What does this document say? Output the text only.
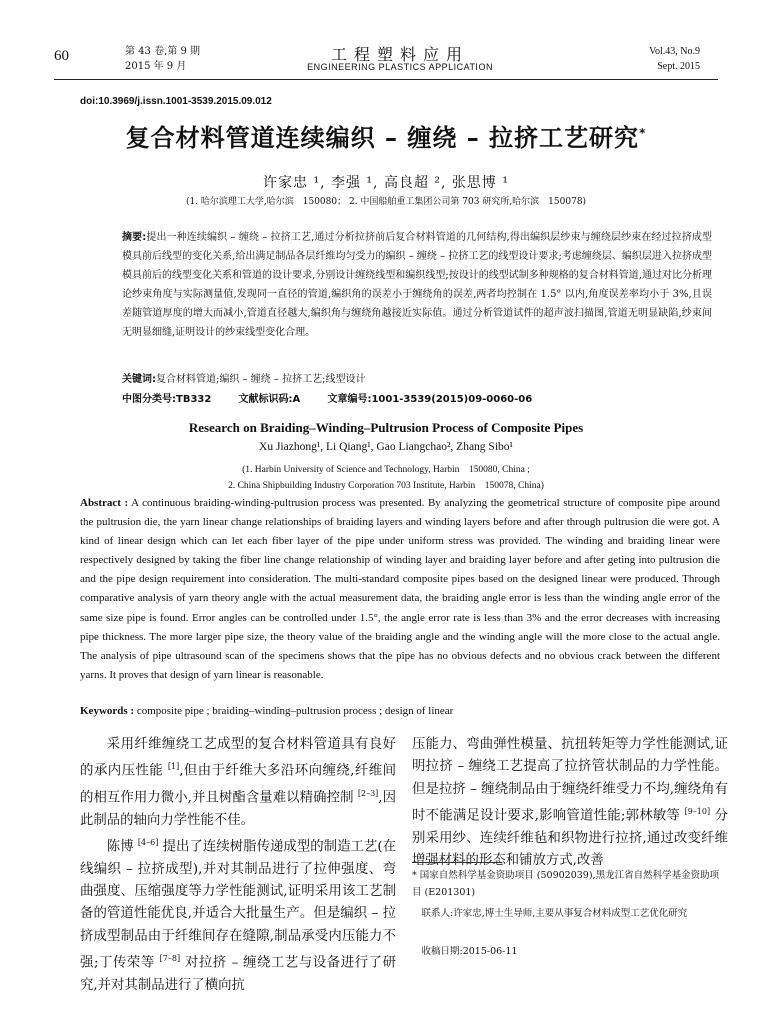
60	第 43 卷,第 9 期
2015 年 9 月
工程塑料应用
ENGINEERING PLASTICS APPLICATION
Vol.43, No.9
Sept. 2015
doi:10.3969/j.issn.1001-3539.2015.09.012
复合材料管道连续编织 – 缠绕 – 拉挤工艺研究*
许家忠 ¹, 李强 ¹, 高良超 ², 张思博 ¹
(1. 哈尔滨理工大学,哈尔滨　150080； 2. 中国船舶重工集团公司第 703 研究所,哈尔滨　150078)
摘要:提出一种连续编织 – 缠绕 – 拉挤工艺,通过分析拉挤前后复合材料管道的几何结构,得出编织层纱束与缠绕层纱束在经过拉挤成型模具前后线型的变化关系,给出满足制品各层纤维均匀受力的编织 – 缠绕 – 拉挤工艺的线型设计要求;考虑缠绕层、编织层进入拉挤成型模具前后的线型变化关系和管道的设计要求,分别设计缠绕线型和编织线型;按设计的线型试制多种规格的复合材料管道,通过对比分析理论纱束角度与实际测量值,发现同一直径的管道,编织角的误差小于缠绕角的误差,两者均控制在 1.5° 以内,角度误差率均小于 3%,且误差随管道厚度的增大而减小,管道直径越大,编织角与缠绕角越接近实际值。通过分析管道试件的超声波扫描图,管道无明显缺陷,纱束间无明显细缝,证明设计的纱束线型变化合理。
关键词:复合材料管道;编织 – 缠绕 – 拉挤工艺;线型设计
中图分类号:TB332	文献标识码:A	文章编号:1001-3539(2015)09-0060-06
Research on Braiding–Winding–Pultrusion Process of Composite Pipes
Xu Jiazhong¹, Li Qiang¹, Gao Liangchao², Zhang Sibo¹
(1. Harbin University of Science and Technology, Harbin　150080, China ;
2. China Shipbuilding Industry Corporation 703 Institute, Harbin　150078, China)
Abstract : A continuous braiding-winding-pultrusion process was presented. By analyzing the geometrical structure of composite pipe around the pultrusion die, the yarn linear change relationships of braiding layers and winding layers before and after through pultrusion die were got. A kind of linear design which can let each fiber layer of the pipe under uniform stress was provided. The winding and braiding linear were respectively designed by taking the fiber line change relationship of winding layer and braiding layer before and after geting into pultrusion die and the pipe design requirement into consideration. The multi-standard composite pipes based on the designed linear were produced. Through comparative analysis of yarn theory angle with the actual measurement data, the braiding angle error is less than the winding angle error of the same size pipe is found. Error angles can be controlled under 1.5°, the angle error rate is less than 3% and the error decreases with increasing pipe thickness. The more larger pipe size, the theory value of the braiding angle and the winding angle will the more close to the actual angle. The analysis of pipe ultrasound scan of the specimens shows that the pipe has no obvious defects and no obvious crack between the different yarns. It proves that design of yarn linear is reasonable.
Keywords : composite pipe ; braiding–winding–pultrusion process ; design of linear

采用纤维缠绕工艺成型的复合材料管道具有良好的承内压性能 [1],但由于纤维大多沿环向缠绕,纤维间的相互作用力微小,并且树酯含量难以精确控制 [2–3],因此制品的轴向力学性能不佳。

陈博 [4–6] 提出了连续树脂传递成型的制造工艺(在线编织 – 拉挤成型),并对其制品进行了拉伸强度、弯曲强度、压缩强度等力学性能测试,证明采用该工艺制备的管道性能优良,并适合大批量生产。但是编织 – 拉挤成型制品由于纤维间存在缝隙,制品承受内压能力不强;丁传荣等 [7–8] 对拉挤 – 缠绕工艺与设备进行了研究,并对其制品进行了横向抗

压能力、弯曲弹性模量、抗扭转矩等力学性能测试,证明拉挤 – 缠绕工艺提高了拉挤管状制品的力学性能。但是拉挤 – 缠绕制品由于缠绕纤维受力不均,缠绕角有时不能满足设计要求,影响管道性能;郭林敏等 [9–10] 分别采用纱、连续纤维毡和织物进行拉挤,通过改变纤维增强材料的形态和铺放方式,改善

* 国家自然科学基金资助项目 (50902039),黑龙江省自然科学基金资助项目 (E201301)
联系人:许家忠,博士生导师,主要从事复合材料成型工艺优化研究
收稿日期:2015-06-11
